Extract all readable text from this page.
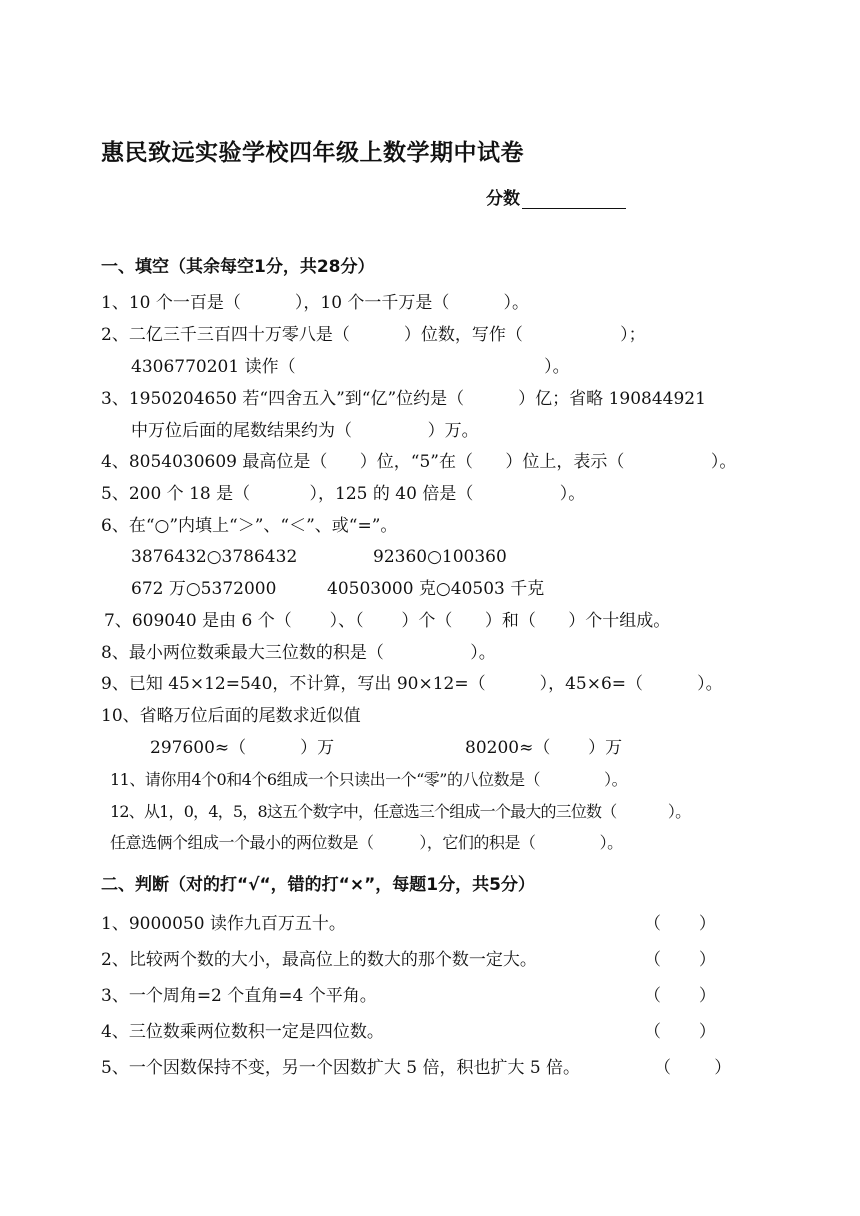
惠民致远实验学校四年级上数学期中试卷
分数
一、填空（其余每空1分，共28分）
1、10 个一百是（          ），10 个一千万是（          ）。
2、二亿三千三百四十万零八是（          ）位数，写作（                  ）；
4306770201 读作（                                              ）。
3、1950204650 若“四舍五入”到“亿”位约是（          ）亿；省略 190844921
中万位后面的尾数结果约为（              ）万。
4、8054030609 最高位是（      ）位，“5”在（      ）位上，表示（                ）。
5、200 个 18 是（           ），125 的 40 倍是（                ）。
6、在“○”内填上“＞”、“＜”、或“=”。
3876432○3786432	92360○100360
672 万○5372000	40503000 克○40503 千克
7、609040 是由 6 个（       ）、（       ）个（      ）和（      ）个十组成。
8、最小两位数乘最大三位数的积是（                ）。
9、已知 45×12=540，不计算，写出 90×12=（          ），45×6=（          ）。
10、省略万位后面的尾数求近似值
297600≈（          ）万	80200≈（       ）万
11、请你用4个0和4个6组成一个只读出一个“零”的八位数是（              ）。
12、从1，0，4，5，8这五个数字中，任意选三个组成一个最大的三位数（            ）。
任意选俩个组成一个最小的两位数是（          ），它们的积是（              ）。
二、判断（对的打“√“，错的打“×”，每题1分，共5分）
1、9000050 读作九百万五十。	（       ）
2、比较两个数的大小，最高位上的数大的那个数一定大。	（       ）
3、一个周角=2 个直角=4 个平角。	（       ）
4、三位数乘两位数积一定是四位数。	（       ）
5、一个因数保持不变，另一个因数扩大 5 倍，积也扩大 5 倍。	（        ）
